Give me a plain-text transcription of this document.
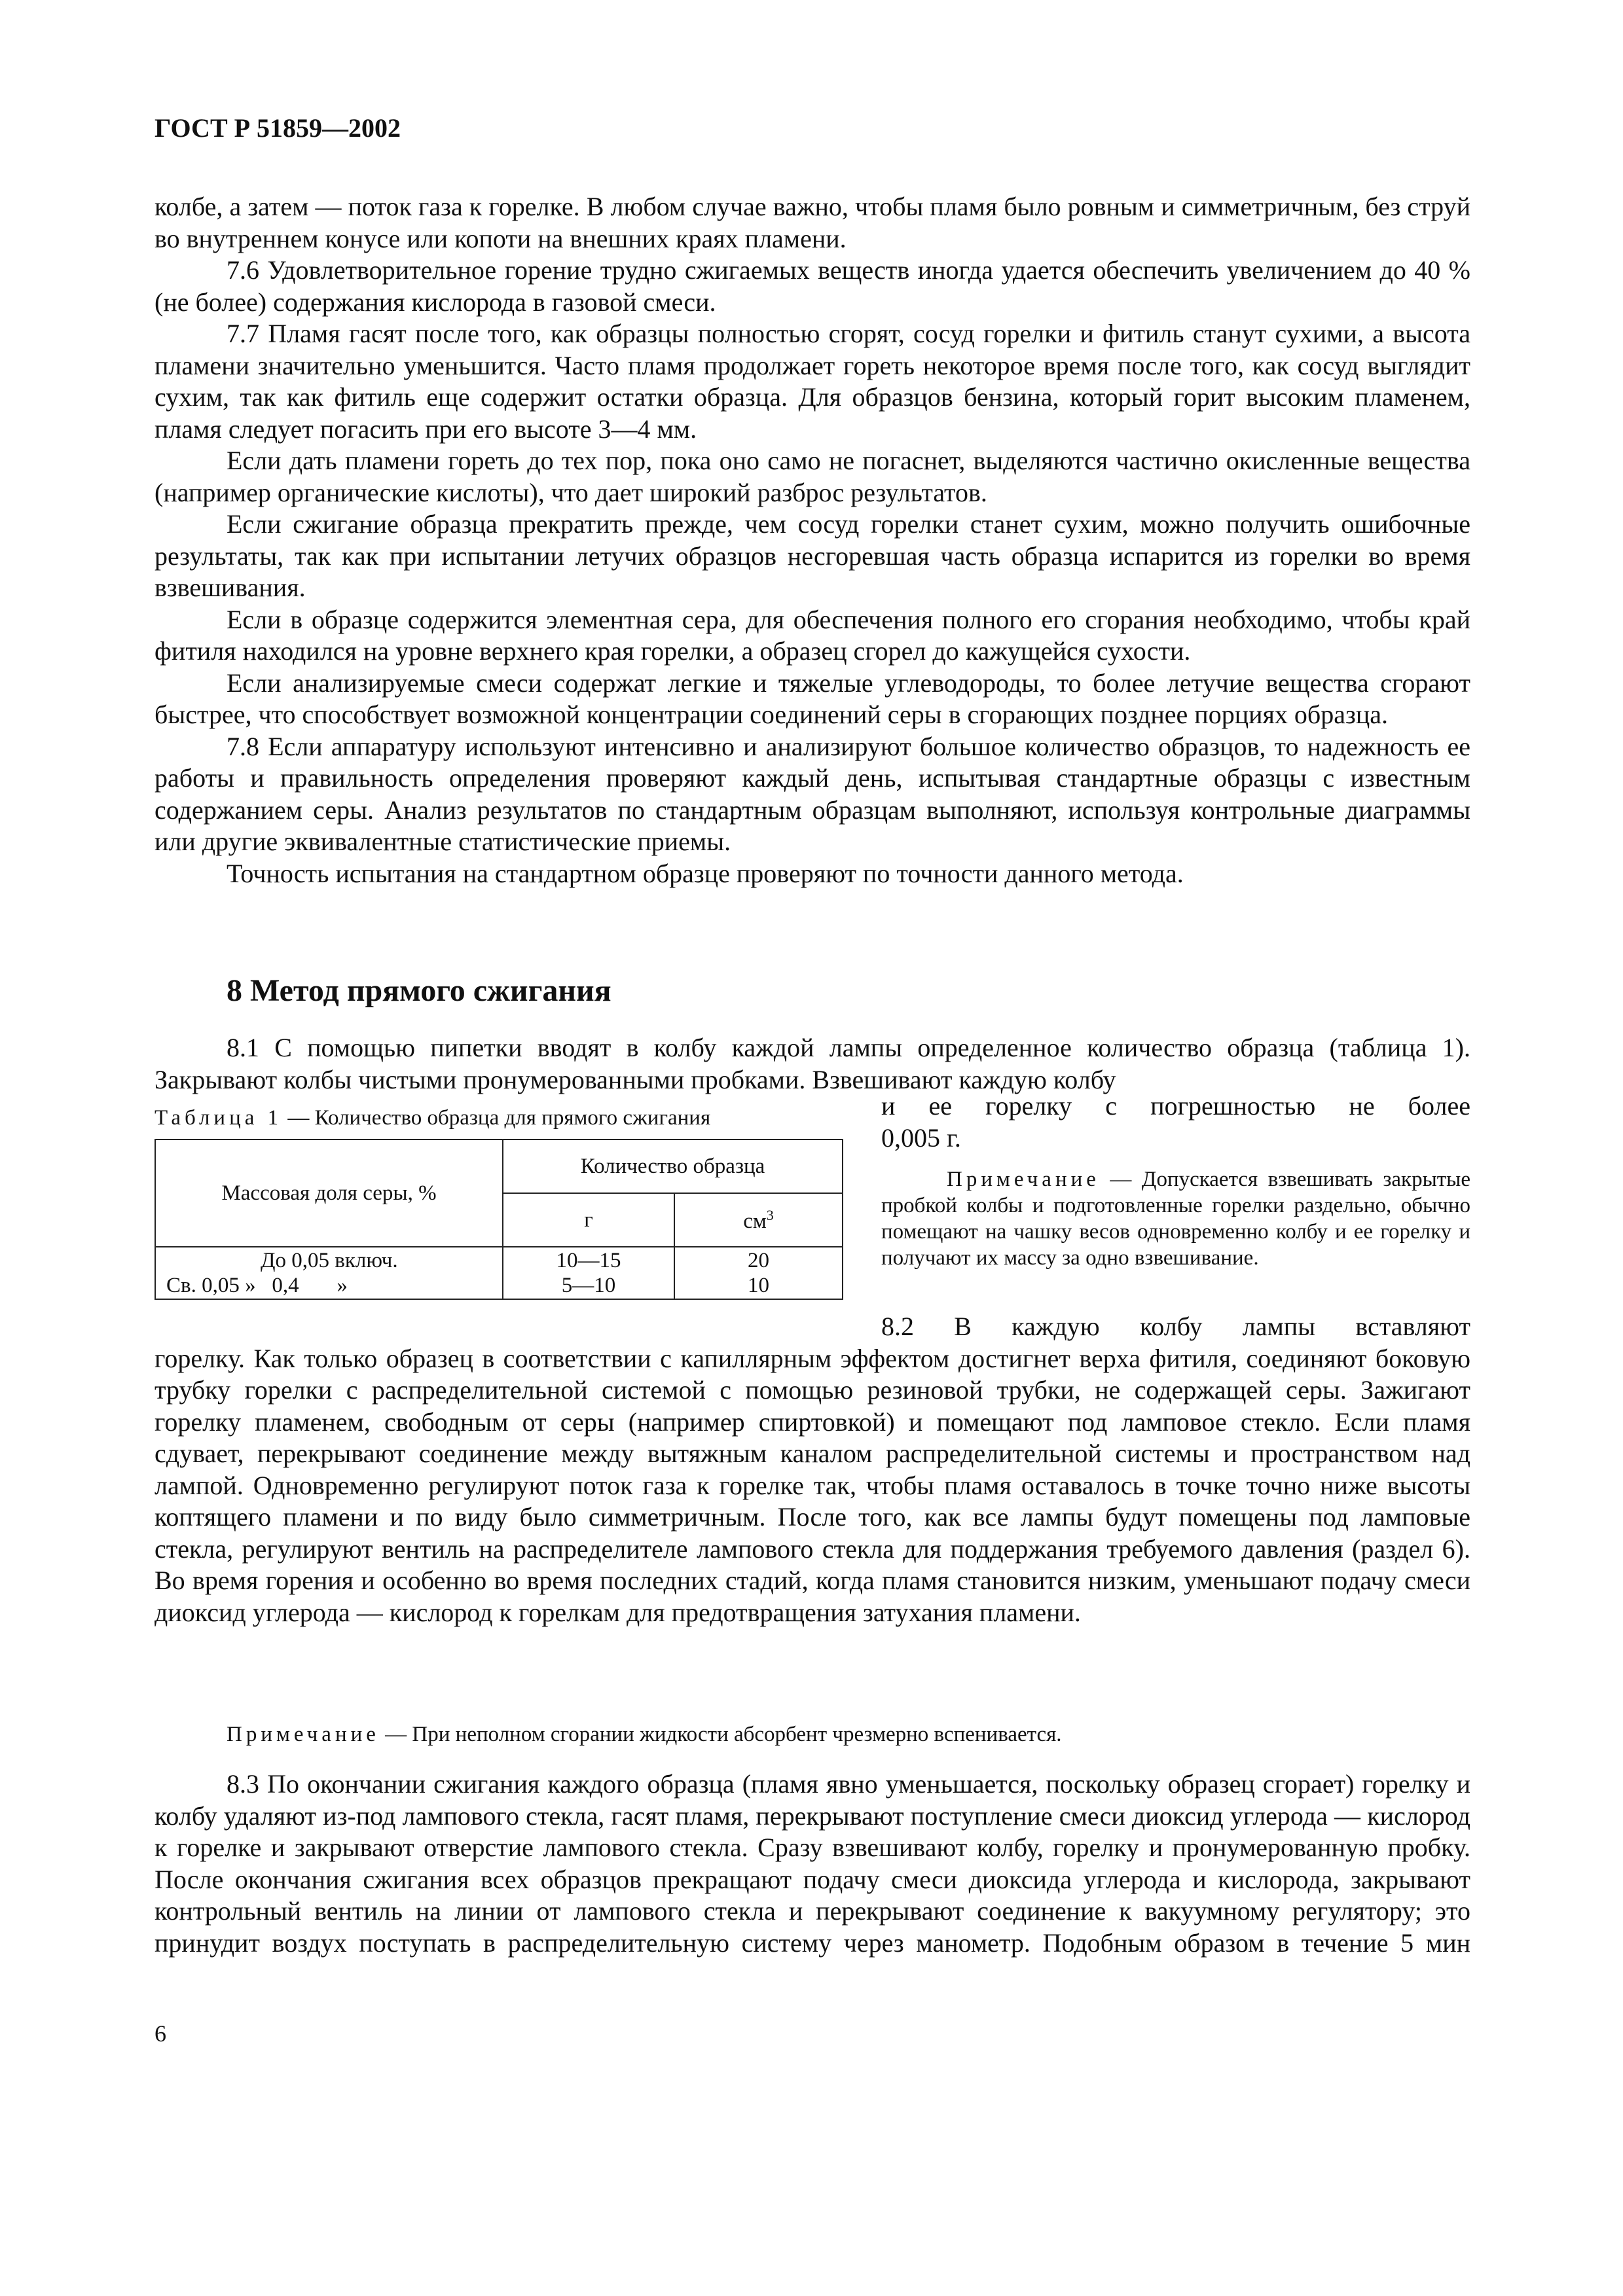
ГОСТ Р 51859—2002

колбе, а затем — поток газа к горелке. В любом случае важно, чтобы пламя было ровным и симметричным, без струй во внутреннем конусе или копоти на внешних краях пламени.

7.6 Удовлетворительное горение трудно сжигаемых веществ иногда удается обеспечить увеличением до 40 % (не более) содержания кислорода в газовой смеси.

7.7 Пламя гасят после того, как образцы полностью сгорят, сосуд горелки и фитиль станут сухими, а высота пламени значительно уменьшится. Часто пламя продолжает гореть некоторое время после того, как сосуд выглядит сухим, так как фитиль еще содержит остатки образца. Для образцов бензина, который горит высоким пламенем, пламя следует погасить при его высоте 3—4 мм.

Если дать пламени гореть до тех пор, пока оно само не погаснет, выделяются частично окисленные вещества (например органические кислоты), что дает широкий разброс результатов.

Если сжигание образца прекратить прежде, чем сосуд горелки станет сухим, можно получить ошибочные результаты, так как при испытании летучих образцов несгоревшая часть образца испарится из горелки во время взвешивания.

Если в образце содержится элементная сера, для обеспечения полного его сгорания необходимо, чтобы край фитиля находился на уровне верхнего края горелки, а образец сгорел до кажущейся сухости.

Если анализируемые смеси содержат легкие и тяжелые углеводороды, то более летучие вещества сгорают быстрее, что способствует возможной концентрации соединений серы в сгорающих позднее порциях образца.

7.8 Если аппаратуру используют интенсивно и анализируют большое количество образцов, то надежность ее работы и правильность определения проверяют каждый день, испытывая стандартные образцы с известным содержанием серы. Анализ результатов по стандартным образцам выполняют, используя контрольные диаграммы или другие эквивалентные статистические приемы.

Точность испытания на стандартном образце проверяют по точности данного метода.

8 Метод прямого сжигания

8.1 С помощью пипетки вводят в колбу каждой лампы определенное количество образца (таблица 1). Закрывают колбы чистыми пронумерованными пробками. Взвешивают каждую колбу

Таблица 1 — Количество образца для прямого сжигания
Массовая доля серы, %	Количество образца	
	г	$см^3$
До 0,05 включ.	10—15	20
Св. 0,05 » 0,4       »	5—10	10

и ее горелку с погрешностью не более

0,005 г.

Примечание — Допускается взвешивать закрытые пробкой колбы и подготовленные горелки раздельно, обычно помещают на чашку весов одновременно колбу и ее горелку и получают их массу за одно взвешивание.

8.2 В каждую колбу лампы вставляют

горелку. Как только образец в соответствии с капиллярным эффектом достигнет верха фитиля, соединяют боковую трубку горелки с распределительной системой с помощью резиновой трубки, не содержащей серы. Зажигают горелку пламенем, свободным от серы (например спиртовкой) и помещают под ламповое стекло. Если пламя сдувает, перекрывают соединение между вытяжным каналом распределительной системы и пространством над лампой. Одновременно регулируют поток газа к горелке так, чтобы пламя оставалось в точке точно ниже высоты коптящего пламени и по виду было симметричным. После того, как все лампы будут помещены под ламповые стекла, регулируют вентиль на распределителе лампового стекла для поддержания требуемого давления (раздел 6). Во время горения и особенно во время последних стадий, когда пламя становится низким, уменьшают подачу смеси диоксид углерода — кислород к горелкам для предотвращения затухания пламени.

Примечание — При неполном сгорании жидкости абсорбент чрезмерно вспенивается.

8.3 По окончании сжигания каждого образца (пламя явно уменьшается, поскольку образец сгорает) горелку и колбу удаляют из-под лампового стекла, гасят пламя, перекрывают поступление смеси диоксид углерода — кислород к горелке и закрывают отверстие лампового стекла. Сразу взвешивают колбу, горелку и пронумерованную пробку. После окончания сжигания всех образцов прекращают подачу смеси диоксида углерода и кислорода, закрывают контрольный вентиль на линии от лампового стекла и перекрывают соединение к вакуумному регулятору; это принудит воздух поступать в распределительную систему через манометр. Подобным образом в течение 5 мин

6
